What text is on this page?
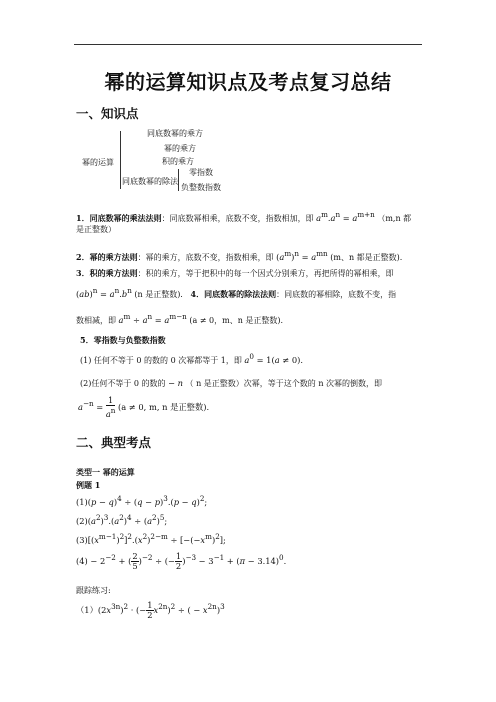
幂的运算知识点及考点复习总结
一、知识点
幂的运算
同底数幂的乘方
幂的乘方
积的乘方
同底数幂的除法
零指数
负整数指数
1．同底数幂的乘法法则：同底数幂相乘，底数不变，指数相加，即 $a^m.a^n = a^{m+n}$ （m,n 都
是正整数）
2．幂的乘方法则：幂的乘方，底数不变，指数相乘，即 $(a^m)^n = a^{mn}$ (m、n 都是正整数).
3．积的乘方法则：积的乘方，等于把积中的每一个因式分别乘方，再把所得的幂相乘，即
$(ab)^n = a^n.b^n$ (n 是正整数). 4．同底数幂的除法法则：同底数的幂相除，底数不变，指
数相减，即 $a^m \div a^n = a^{m-n}$ (a ≠ 0，m、n 是正整数).
5．零指数与负整数指数
(1) 任何不等于 0 的数的 0 次幂都等于 1，即 $a^0 = 1(a \ne 0)$.
(2)任何不等于 0 的数的 − n （ n 是正整数）次幂，等于这个数的 n 次幂的倒数，即
$a^{-n} = \frac{1}{a^n} (a \ne 0$, m, n 是正整数).
二、典型考点
类型一 幂的运算
例题 1
$(1)(p - q)^4 \div (q - p)^3.(p - q)^2$;
$(2)(a^2)^3.(a^2)^4 \div (a^2)^5$;
$(3)[(x^{m-1})^2]^2.(x^2)^{2-m} \div [-(-x^m)^2]$;
$(4) - 2^{-2}$ + ( $\frac{2}{5} )^{-2}$ ÷ (− $\frac{1}{2} )^{-3} - 3^{-1} + (\pi - 3.14)^0$.
跟踪练习:
$(1)(2x^{3n})^2$ · (− $\frac{1}{2} x^{2n})^2$ ÷ ( − $x^{2n})^3$
